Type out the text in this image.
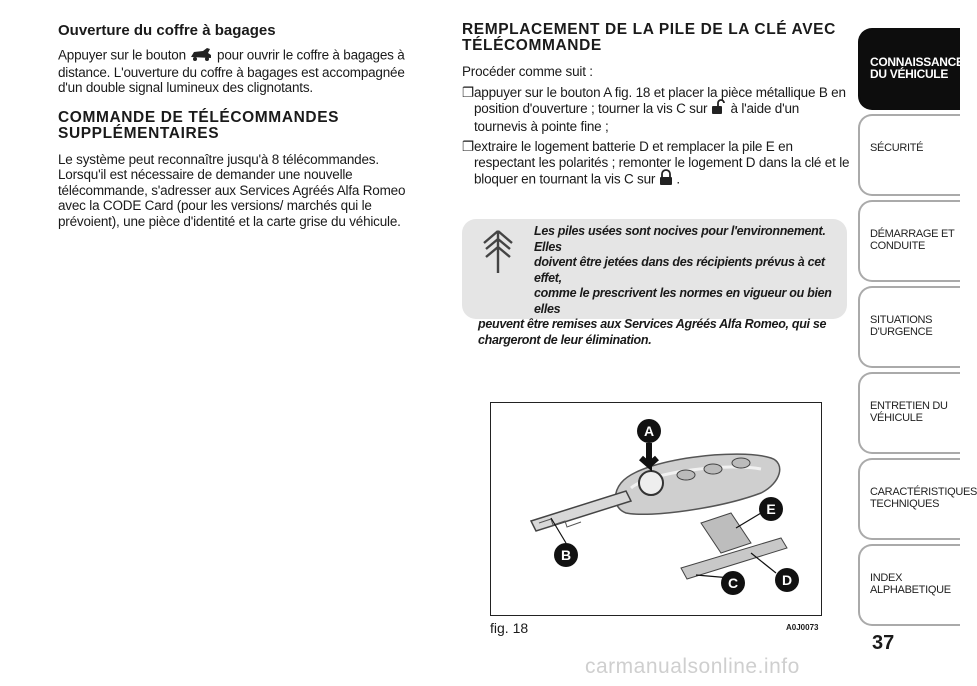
Ouverture du coffre à bagages

Appuyer sur le bouton pour ouvrir le coffre à bagages à distance. L'ouverture du coffre à bagages est accompagnée d'un double signal lumineux des clignotants.

COMMANDE DE TÉLÉCOMMANDES SUPPLÉMENTAIRES

Le système peut reconnaître jusqu'à 8 télécommandes. Lorsqu'il est nécessaire de demander une nouvelle télécommande, s'adresser aux Services Agréés Alfa Romeo avec la CODE Card (pour les versions/ marchés qui le prévoient), une pièce d'identité et la carte grise du véhicule.

REMPLACEMENT DE LA PILE DE LA CLÉ AVEC TÉLÉCOMMANDE

Procéder comme suit :

❐ appuyer sur le bouton A fig. 18 et placer la pièce métallique B en position d'ouverture ; tourner la vis C sur à l'aide d'un tournevis à pointe fine ;
❐ extraire le logement batterie D et remplacer la pile E en respectant les polarités ; remonter le logement D dans la clé et le bloquer en tournant la vis C sur .
Les piles usées sont nocives pour l'environnement. Elles
doivent être jetées dans des récipients prévus à cet effet,
comme le prescrivent les normes en vigueur ou bien elles
peuvent être remises aux Services Agréés Alfa Romeo, qui se chargeront de leur élimination.
A
B
C	D
E
fig. 18	A0J0073
CONNAISSANCE DU VÉHICULE
SÉCURITÉ
DÉMARRAGE ET CONDUITE
SITUATIONS D'URGENCE
ENTRETIEN DU VÉHICULE
CARACTÉRISTIQUES TECHNIQUES
INDEX ALPHABETIQUE
37
carmanualsonline.info
